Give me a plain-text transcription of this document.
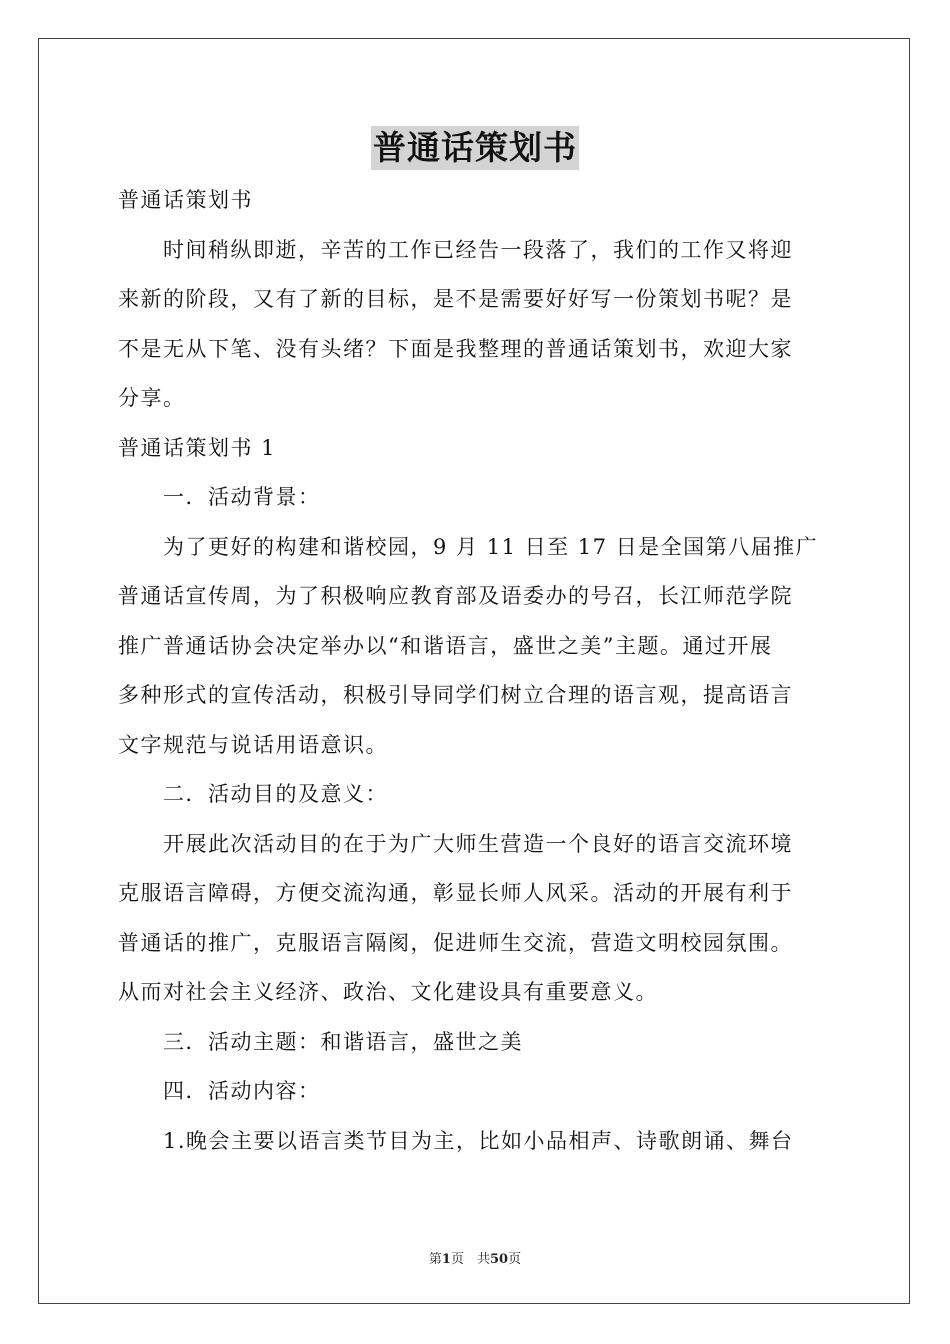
普通话策划书
普通话策划书
　　时间稍纵即逝，辛苦的工作已经告一段落了，我们的工作又将迎
来新的阶段，又有了新的目标，是不是需要好好写一份策划书呢？是
不是无从下笔、没有头绪？下面是我整理的普通话策划书，欢迎大家
分享。
普通话策划书 1
　　一．活动背景：
　　为了更好的构建和谐校园，9 月 11 日至 17 日是全国第八届推广
普通话宣传周，为了积极响应教育部及语委办的号召，长江师范学院
推广普通话协会决定举办以“和谐语言，盛世之美”主题。通过开展
多种形式的宣传活动，积极引导同学们树立合理的语言观，提高语言
文字规范与说话用语意识。
　　二．活动目的及意义：
　　开展此次活动目的在于为广大师生营造一个良好的语言交流环境
克服语言障碍，方便交流沟通，彰显长师人风采。活动的开展有利于
普通话的推广，克服语言隔阂，促进师生交流，营造文明校园氛围。
从而对社会主义经济、政治、文化建设具有重要意义。
　　三．活动主题：和谐语言，盛世之美
　　四．活动内容：
　　1.晚会主要以语言类节目为主，比如小品相声、诗歌朗诵、舞台
第1页　共50页
